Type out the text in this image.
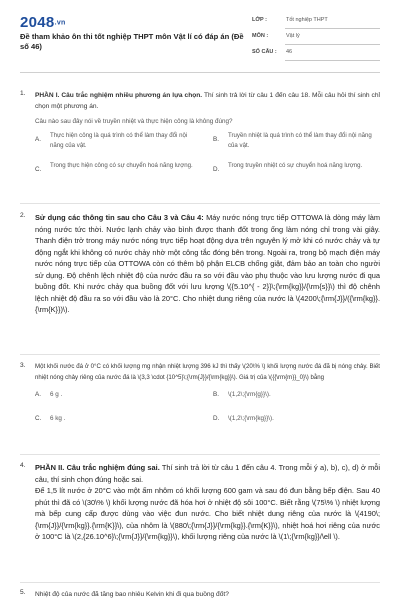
2048.vn
Đề tham khảo ôn thi tốt nghiệp THPT môn Vật lí có đáp án (Đề số 46)
LỚP :	Tốt nghiệp THPT
MÔN :	Vật lý
SỐ CÂU : 46
1. PHẦN I. Câu trắc nghiệm nhiều phương án lựa chọn. Thí sinh trả lời từ câu 1 đến câu 18. Mỗi câu hỏi thí sinh chỉ chọn một phương án.
Câu nào sau đây nói về truyền nhiệt và thực hiện công là không đúng?
A.
Thực hiện công là quá trình có thể làm thay đổi nội năng của vật.
B.
Truyền nhiệt là quá trình có thể làm thay đổi nội năng của vật.
C.
Trong thực hiện công có sự chuyển hoá năng lượng.
D.
Trong truyền nhiệt có sự chuyển hoá năng lượng.
2. Sử dụng các thông tin sau cho Câu 3 và Câu 4: Máy nước nóng trực tiếp OTTOWA là dòng máy làm nóng nước tức thời. Nước lạnh chảy vào bình được thanh đốt trong ống làm nóng chỉ trong vài giây. Thanh điện trở trong máy nước nóng trực tiếp hoạt động dựa trên nguyên lý mở khi có nước chảy và tự động ngắt khi không có nước chảy nhờ một công tắc đóng bên trong. Ngoài ra, trong bộ mạch điện máy nước nóng trực tiếp của OTTOWA còn có thêm bộ phận ELCB chống giật, đảm bảo an toàn cho người sử dụng. Độ chênh lệch nhiệt độ của nước đầu ra so với đầu vào phụ thuộc vào lưu lượng nước đi qua buồng đốt. Khi nước chảy qua buồng đốt với lưu lượng \({5.10^{ - 2}}\;{\rm{kg}}/{\rm{s}}\) thì độ chênh lệch nhiệt độ đầu ra so với đầu vào là 20°C. Cho nhiệt dung riêng của nước là \(4200\;{\rm{J}}/({\rm{kg}}.{\rm{K}})\).
3. Một khối nước đá ở 0°C có khối lượng mg nhận nhiệt lượng 396 kJ thì thấy \(20\% \) khối lượng nước đá đã bị nóng chảy. Biết nhiệt nóng chảy riêng của nước đá là \(3,3 \cdot {10^5}\;{\rm{J}}/{\rm{kg}}\). Giá trị của \({{\rm{m}}_0}\) bằng
A. 6 g .	B. \(1,2\;{\rm{g}}\).
C. 6 kg .	D. \(1,2\;{\rm{kg}}\).
4. PHẦN II. Câu trắc nghiệm đúng sai. Thí sinh trả lời từ câu 1 đến câu 4. Trong mỗi ý a), b), c), d) ở mỗi câu, thí sinh chọn đúng hoặc sai.
Để 1,5 lít nước ở 20°C vào một ấm nhôm có khối lượng 600 gam và sau đó đun bằng bếp điện. Sau 40 phút thì đã có \(30\% \) khối lượng nước đã hóa hơi ở nhiệt độ sôi 100°C. Biết rằng \(75\% \) nhiệt lượng mà bếp cung cấp được dùng vào việc đun nước. Cho biết nhiệt dung riêng của nước là \(4190\;{\rm{J}}/{\rm{kg}}.{\rm{K}}\), của nhôm là \(880\;{\rm{J}}/{\rm{kg}}.{\rm{K}}\), nhiệt hoá hơi riêng của nước ở 100°C là \(2,{26.10^6}\;{\rm{J}}/{\rm{kg}}\), khối lượng riêng của nước là \(1\;{\rm{kg}}/\ell \).
5. Nhiệt độ của nước đã tăng bao nhiêu Kelvin khi đi qua buồng đốt?
